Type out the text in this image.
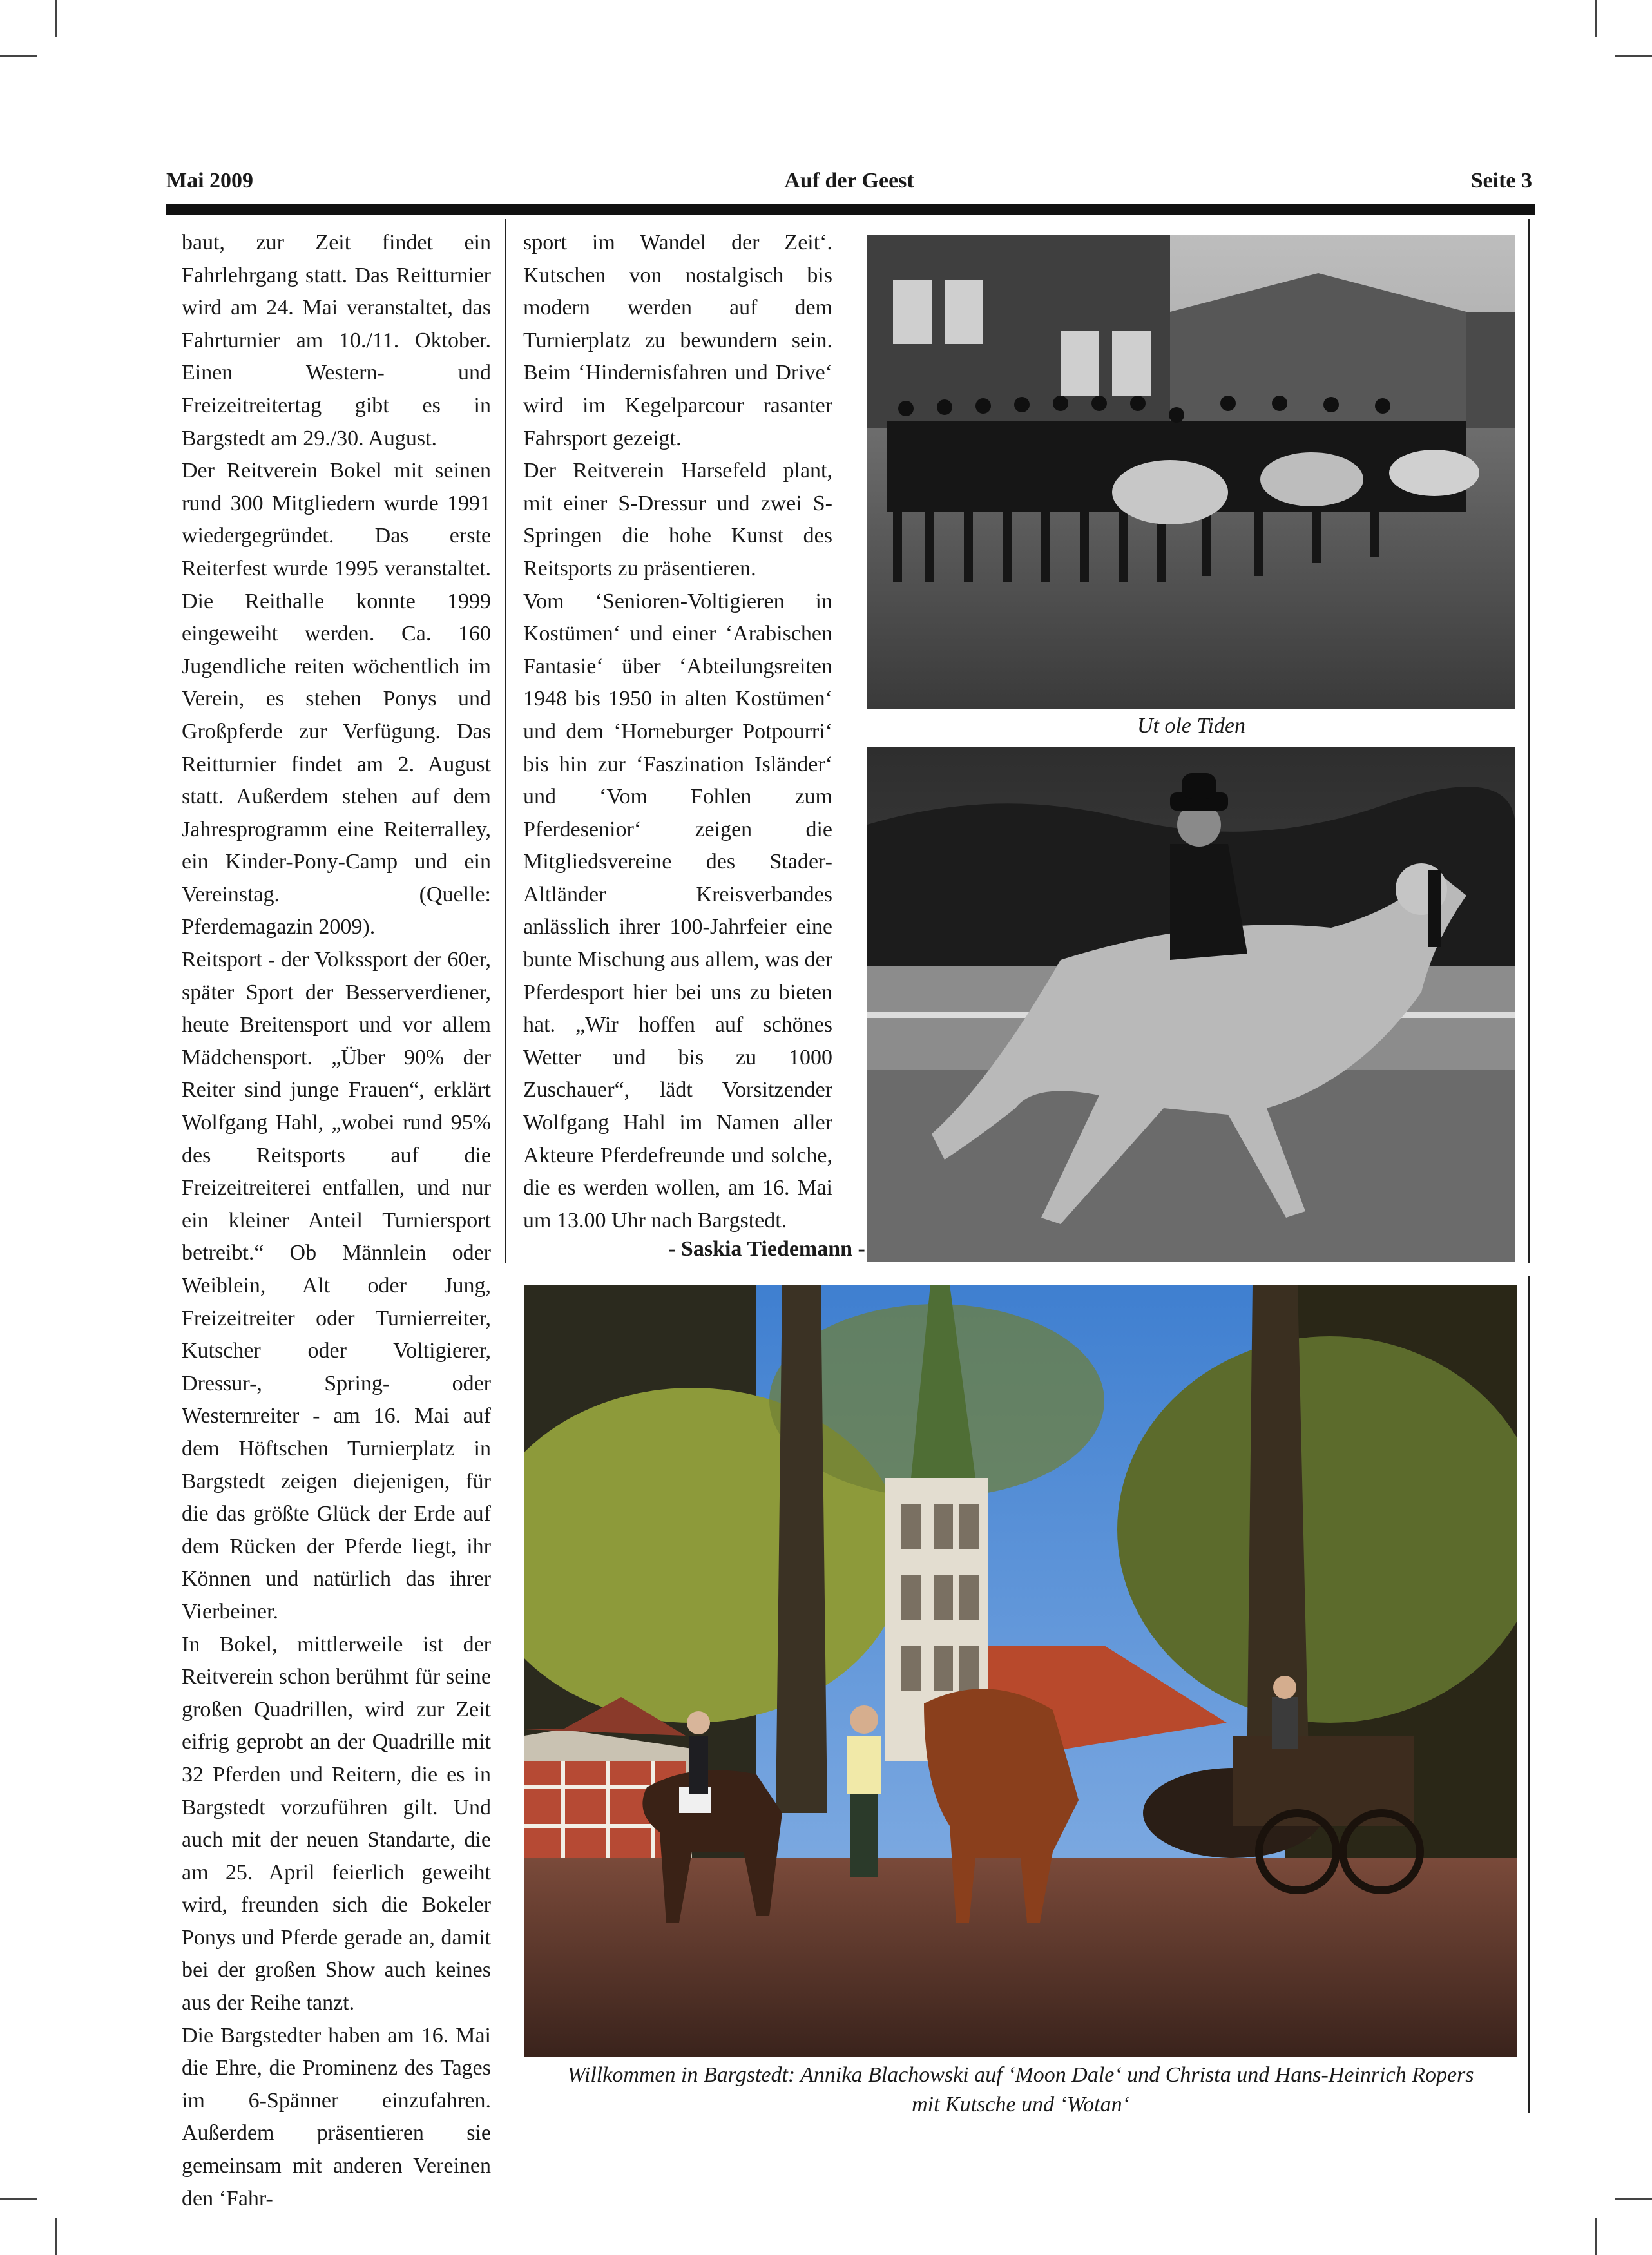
Mai 2009	Auf der Geest	Seite 3

baut, zur Zeit findet ein Fahrlehrgang statt. Das Reitturnier wird am 24. Mai veranstaltet, das Fahrturnier am 10./11. Oktober. Einen Western- und Freizeitreitertag gibt es in Bargstedt am 29./30. August.

Der Reitverein Bokel mit seinen rund 300 Mitgliedern wurde 1991 wiedergegründet. Das erste Reiterfest wurde 1995 veranstaltet. Die Reithalle konnte 1999 eingeweiht werden. Ca. 160 Jugendliche reiten wöchentlich im Verein, es stehen Ponys und Großpferde zur Verfügung. Das Reitturnier findet am 2. August statt. Außerdem stehen auf dem Jahresprogramm eine Reiterralley, ein Kinder-Pony-Camp und ein Vereinstag. (Quelle: Pferdemagazin 2009).

Reitsport - der Volkssport der 60er, später Sport der Besserverdiener, heute Breitensport und vor allem Mädchensport. „Über 90% der Reiter sind junge Frauen“, erklärt Wolfgang Hahl, „wobei rund 95% des Reitsports auf die Freizeitreiterei entfallen, und nur ein kleiner Anteil Turniersport betreibt.“ Ob Männlein oder Weiblein, Alt oder Jung, Freizeitreiter oder Turnierreiter, Kutscher oder Voltigierer, Dressur-, Spring- oder Westernreiter - am 16. Mai auf dem Höftschen Turnierplatz in Bargstedt zeigen diejenigen, für die das größte Glück der Erde auf dem Rücken der Pferde liegt, ihr Können und natürlich das ihrer Vierbeiner.

In Bokel, mittlerweile ist der Reitverein schon berühmt für seine großen Quadrillen, wird zur Zeit eifrig geprobt an der Quadrille mit 32 Pferden und Reitern, die es in Bargstedt vorzuführen gilt. Und auch mit der neuen Standarte, die am 25. April feierlich geweiht wird, freunden sich die Bokeler Ponys und Pferde gerade an, damit bei der großen Show auch keines aus der Reihe tanzt.

Die Bargstedter haben am 16. Mai die Ehre, die Prominenz des Tages im 6-Spänner einzufahren. Außerdem präsentieren sie gemeinsam mit anderen Vereinen den ‘Fahr-

sport im Wandel der Zeit‘. Kutschen von nostalgisch bis modern werden auf dem Turnierplatz zu bewundern sein. Beim ‘Hindernisfahren und Drive‘ wird im Kegelparcour rasanter Fahrsport gezeigt.

Der Reitverein Harsefeld plant, mit einer S-Dressur und zwei S-Springen die hohe Kunst des Reitsports zu präsentieren.

Vom ‘Senioren-Voltigieren in Kostümen‘ und einer ‘Arabischen Fantasie‘ über ‘Abteilungsreiten 1948 bis 1950 in alten Kostümen‘ und dem ‘Horneburger Potpourri‘ bis hin zur ‘Faszination Isländer‘ und ‘Vom Fohlen zum Pferdesenior‘ zeigen die Mitgliedsvereine des Stader-Altländer Kreisverbandes anlässlich ihrer 100-Jahrfeier eine bunte Mischung aus allem, was der Pferdesport hier bei uns zu bieten hat. „Wir hoffen auf schönes Wetter und bis zu 1000 Zuschauer“, lädt Vorsitzender Wolfgang Hahl im Namen aller Akteure Pferdefreunde und solche, die es werden wollen, am 16. Mai um 13.00 Uhr nach Bargstedt.

- Saskia Tiedemann -
Ut ole Tiden
Willkommen in Bargstedt: Annika Blachowski auf ‘Moon Dale‘ und Christa und Hans-Heinrich Ropers
mit Kutsche und ‘Wotan‘
